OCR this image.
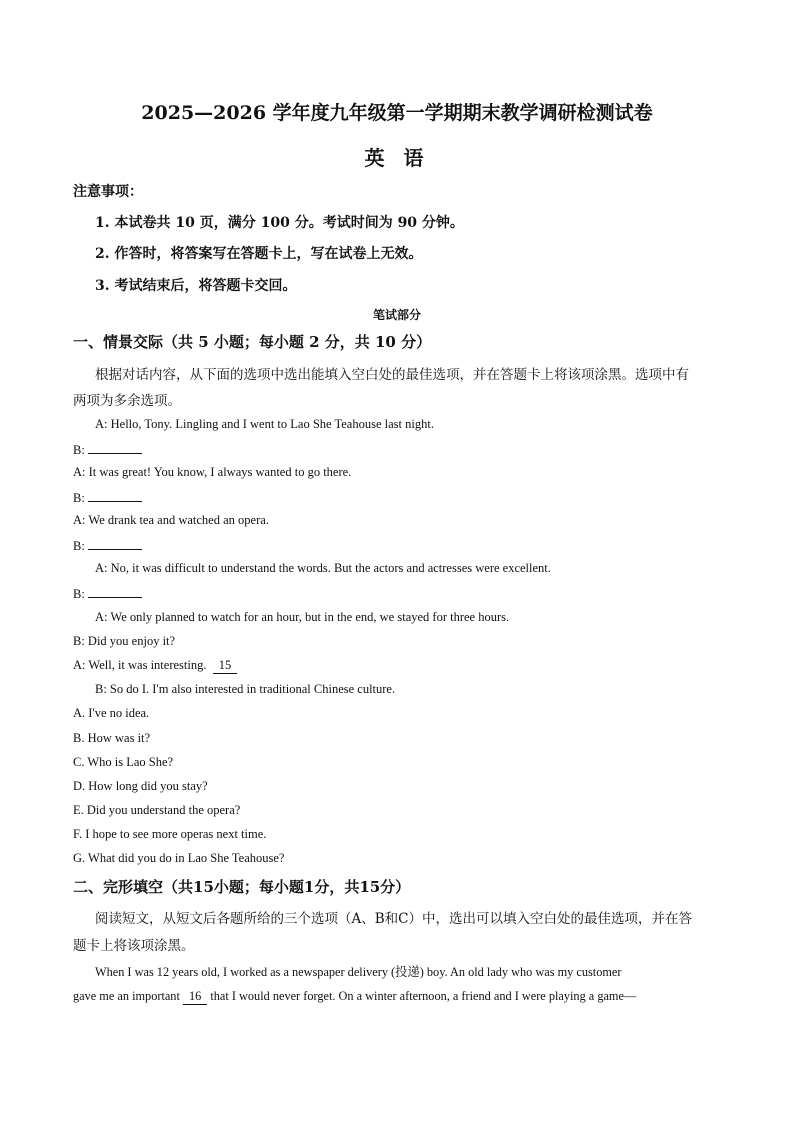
2025—2026 学年度九年级第一学期期末教学调研检测试卷
英 语
注意事项：
1. 本试卷共 10 页，满分 100 分。考试时间为 90 分钟。
2. 作答时，将答案写在答题卡上，写在试卷上无效。
3. 考试结束后，将答题卡交回。
笔试部分
一、情景交际（共 5 小题；每小题 2 分，共 10 分）
根据对话内容，从下面的选项中选出能填入空白处的最佳选项，并在答题卡上将该项涂黑。选项中有
两项为多余选项。
A: Hello, Tony. Lingling and I went to Lao She Teahouse last night.
B:
A: It was great! You know, I always wanted to go there.
B:
A: We drank tea and watched an opera.
B:
A: No, it was difficult to understand the words. But the actors and actresses were excellent.
B:
A: We only planned to watch for an hour, but in the end, we stayed for three hours.
B: Did you enjoy it?
A: Well, it was interesting. 15
B: So do I. I'm also interested in traditional Chinese culture.
A. I've no idea.
B. How was it?
C. Who is Lao She?
D. How long did you stay?
E. Did you understand the opera?
F. I hope to see more operas next time.
G. What did you do in Lao She Teahouse?
二、完形填空（共15小题；每小题1分，共15分）
阅读短文，从短文后各题所给的三个选项（A、B和C）中，选出可以填入空白处的最佳选项，并在答
题卡上将该项涂黑。
When I was 12 years old, I worked as a newspaper delivery (投递) boy. An old lady who was my customer
gave me an important 16 that I would never forget. On a winter afternoon, a friend and I were playing a game—
